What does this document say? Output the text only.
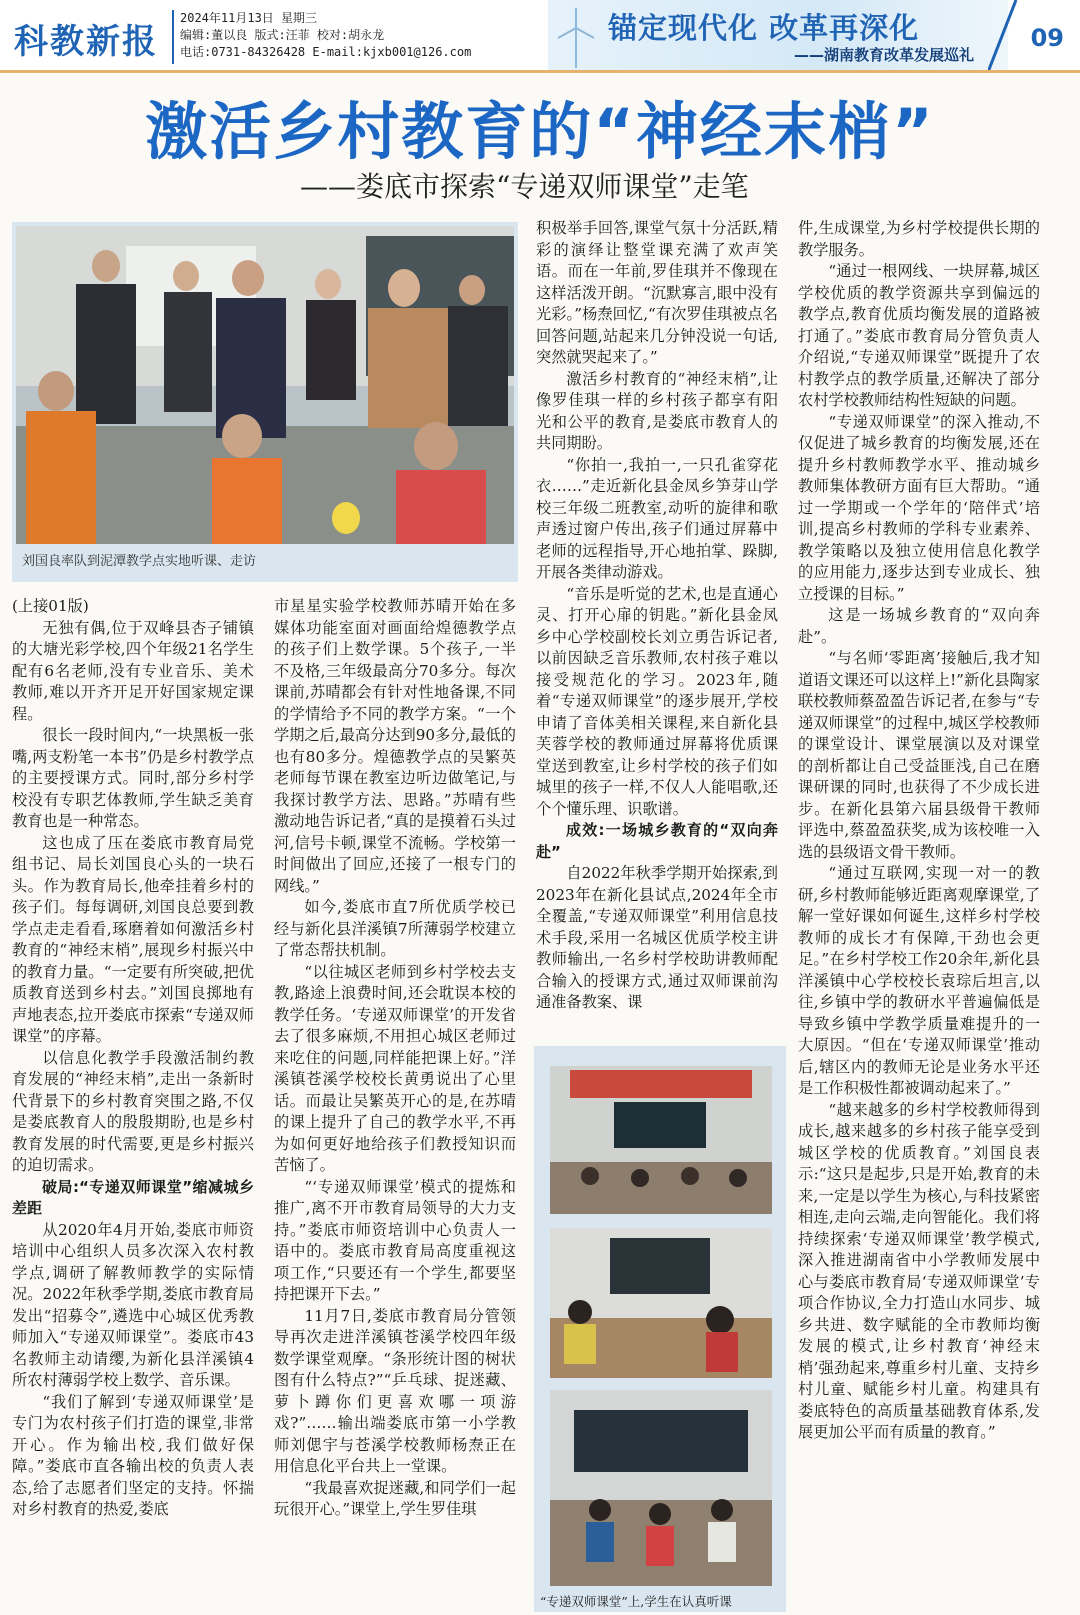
科教新报
2024年11月13日 星期三
编辑:董以良 版式:汪菲 校对:胡永龙
电话:0731-84326428 E-mail:kjxb001@126.com
锚定现代化 改革再深化
——湖南教育改革发展巡礼
09
激活乡村教育的“神经末梢”
——娄底市探索“专递双师课堂”走笔
刘国良率队到泥潭教学点实地听课、走访

(上接01版)

无独有偶,位于双峰县杏子铺镇的大塘光彩学校,四个年级21名学生配有6名老师,没有专业音乐、美术教师,难以开齐开足开好国家规定课程。

很长一段时间内,“一块黑板一张嘴,两支粉笔一本书”仍是乡村教学点的主要授课方式。同时,部分乡村学校没有专职艺体教师,学生缺乏美育教育也是一种常态。

这也成了压在娄底市教育局党组书记、局长刘国良心头的一块石头。作为教育局长,他牵挂着乡村的孩子们。每每调研,刘国良总要到教学点走走看看,琢磨着如何激活乡村教育的“神经末梢”,展现乡村振兴中的教育力量。“一定要有所突破,把优质教育送到乡村去。”刘国良掷地有声地表态,拉开娄底市探索“专递双师课堂”的序幕。

以信息化教学手段激活制约教育发展的“神经末梢”,走出一条新时代背景下的乡村教育突围之路,不仅是娄底教育人的殷殷期盼,也是乡村教育发展的时代需要,更是乡村振兴的迫切需求。

破局:“专递双师课堂”缩减城乡差距

从2020年4月开始,娄底市师资培训中心组织人员多次深入农村教学点,调研了解教师教学的实际情况。2022年秋季学期,娄底市教育局发出“招募令”,遴选中心城区优秀教师加入“专递双师课堂”。娄底市43名教师主动请缨,为新化县洋溪镇4所农村薄弱学校上数学、音乐课。

“我们了解到‘专递双师课堂’是专门为农村孩子们打造的课堂,非常开心。作为输出校,我们做好保障。”娄底市直各输出校的负责人表态,给了志愿者们坚定的支持。怀揣对乡村教育的热爱,娄底

市星星实验学校教师苏晴开始在多媒体功能室面对画面给煌德教学点的孩子们上数学课。5个孩子,一半不及格,三年级最高分70多分。每次课前,苏晴都会有针对性地备课,不同的学情给予不同的教学方案。“一个学期之后,最高分达到90多分,最低的也有80多分。煌德教学点的吴繁英老师每节课在教室边听边做笔记,与我探讨教学方法、思路。”苏晴有些激动地告诉记者,“真的是摸着石头过河,信号卡顿,课堂不流畅。学校第一时间做出了回应,还接了一根专门的网线。”

如今,娄底市直7所优质学校已经与新化县洋溪镇7所薄弱学校建立了常态帮扶机制。

“以往城区老师到乡村学校去支教,路途上浪费时间,还会耽误本校的教学任务。‘专递双师课堂’的开发省去了很多麻烦,不用担心城区老师过来吃住的问题,同样能把课上好。”洋溪镇苍溪学校校长黄勇说出了心里话。而最让吴繁英开心的是,在苏晴的课上提升了自己的教学水平,不再为如何更好地给孩子们教授知识而苦恼了。

“‘专递双师课堂’模式的提炼和推广,离不开市教育局领导的大力支持。”娄底市师资培训中心负责人一语中的。娄底市教育局高度重视这项工作,“只要还有一个学生,都要坚持把课开下去。”

11月7日,娄底市教育局分管领导再次走进洋溪镇苍溪学校四年级数学课堂观摩。“条形统计图的树状图有什么特点?”“乒乓球、捉迷藏、萝卜蹲你们更喜欢哪一项游戏?”……输出端娄底市第一小学教师刘偲宇与苍溪学校教师杨焘正在用信息化平台共上一堂课。

“我最喜欢捉迷藏,和同学们一起玩很开心。”课堂上,学生罗佳琪

积极举手回答,课堂气氛十分活跃,精彩的演绎让整堂课充满了欢声笑语。而在一年前,罗佳琪并不像现在这样活泼开朗。“沉默寡言,眼中没有光彩。”杨焘回忆,“有次罗佳琪被点名回答问题,站起来几分钟没说一句话,突然就哭起来了。”

激活乡村教育的“神经末梢”,让像罗佳琪一样的乡村孩子都享有阳光和公平的教育,是娄底市教育人的共同期盼。

“你拍一,我拍一,一只孔雀穿花衣……”走近新化县金凤乡笋芽山学校三年级二班教室,动听的旋律和歌声透过窗户传出,孩子们通过屏幕中老师的远程指导,开心地拍掌、跺脚,开展各类律动游戏。

“音乐是听觉的艺术,也是直通心灵、打开心扉的钥匙。”新化县金凤乡中心学校副校长刘立勇告诉记者,以前因缺乏音乐教师,农村孩子难以接受规范化的学习。2023年,随着“专递双师课堂”的逐步展开,学校申请了音体美相关课程,来自新化县芙蓉学校的教师通过屏幕将优质课堂送到教室,让乡村学校的孩子们如城里的孩子一样,不仅人人能唱歌,还个个懂乐理、识歌谱。

成效:一场城乡教育的“双向奔赴”

自2022年秋季学期开始探索,到2023年在新化县试点,2024年全市全覆盖,“专递双师课堂”利用信息技术手段,采用一名城区优质学校主讲教师输出,一名乡村学校助讲教师配合输入的授课方式,通过双师课前沟通准备教案、课

件,生成课堂,为乡村学校提供长期的教学服务。

“通过一根网线、一块屏幕,城区学校优质的教学资源共享到偏远的教学点,教育优质均衡发展的道路被打通了。”娄底市教育局分管负责人介绍说,“专递双师课堂”既提升了农村教学点的教学质量,还解决了部分农村学校教师结构性短缺的问题。

“专递双师课堂”的深入推动,不仅促进了城乡教育的均衡发展,还在提升乡村教师教学水平、推动城乡教师集体教研方面有巨大帮助。“通过一学期或一个学年的‘陪伴式’培训,提高乡村教师的学科专业素养、教学策略以及独立使用信息化教学的应用能力,逐步达到专业成长、独立授课的目标。”

这是一场城乡教育的“双向奔赴”。

“与名师‘零距离’接触后,我才知道语文课还可以这样上!”新化县陶家联校教师蔡盈盈告诉记者,在参与“专递双师课堂”的过程中,城区学校教师的课堂设计、课堂展演以及对课堂的剖析都让自己受益匪浅,自己在磨课研课的同时,也获得了不少成长进步。在新化县第六届县级骨干教师评选中,蔡盈盈获奖,成为该校唯一入选的县级语文骨干教师。

“通过互联网,实现一对一的教研,乡村教师能够近距离观摩课堂,了解一堂好课如何诞生,这样乡村学校教师的成长才有保障,干劲也会更足。”在乡村学校工作20余年,新化县洋溪镇中心学校校长袁琮后坦言,以往,乡镇中学的教研水平普遍偏低是导致乡镇中学教学质量难提升的一大原因。“但在‘专递双师课堂’推动后,辖区内的教师无论是业务水平还是工作积极性都被调动起来了。”

“越来越多的乡村学校教师得到成长,越来越多的乡村孩子能享受到城区学校的优质教育。”刘国良表示:“这只是起步,只是开始,教育的未来,一定是以学生为核心,与科技紧密相连,走向云端,走向智能化。我们将持续探索‘专递双师课堂’教学模式,深入推进湖南省中小学教师发展中心与娄底市教育局‘专递双师课堂’专项合作协议,全力打造山水同步、城乡共进、数字赋能的全市教师均衡发展的模式,让乡村教育‘神经末梢’强劲起来,尊重乡村儿童、支持乡村儿童、赋能乡村儿童。构建具有娄底特色的高质量基础教育体系,发展更加公平而有质量的教育。”

“专递双师课堂”上,学生在认真听课
